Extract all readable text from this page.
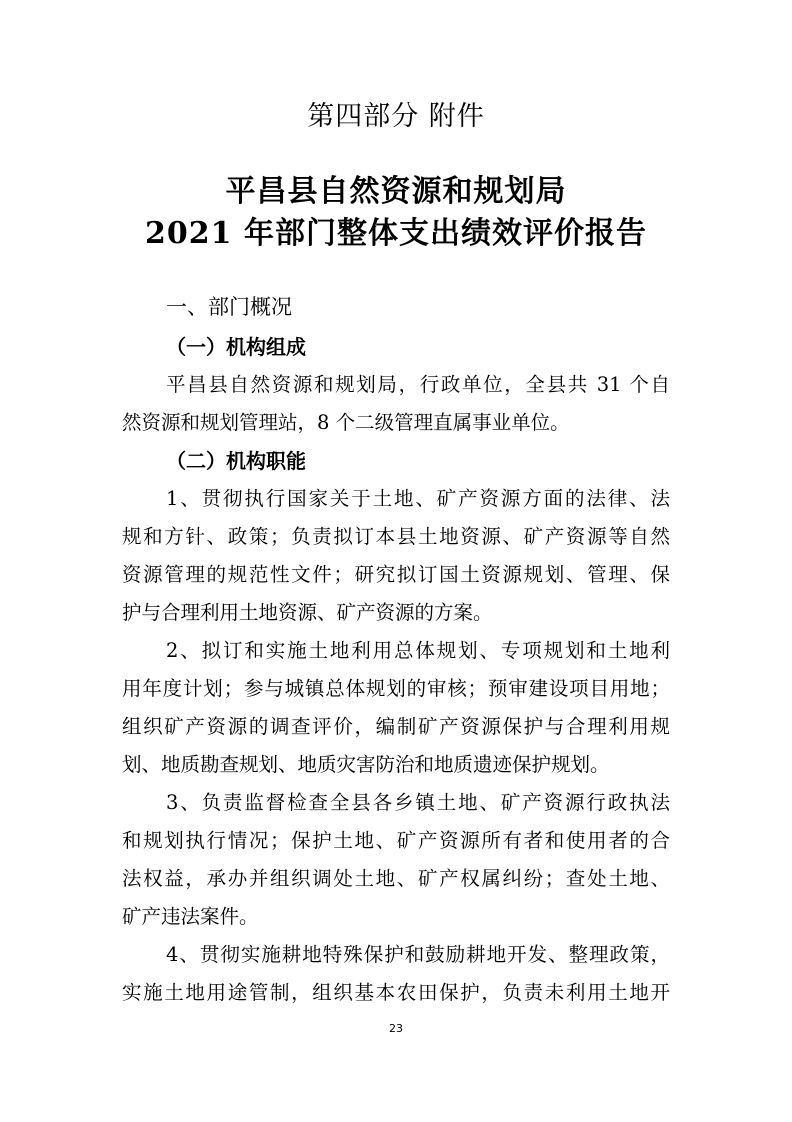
第四部分 附件
平昌县自然资源和规划局
2021 年部门整体支出绩效评价报告
一、部门概况
（一）机构组成
平昌县自然资源和规划局，行政单位，全县共 31 个自
然资源和规划管理站，8 个二级管理直属事业单位。
（二）机构职能
1、贯彻执行国家关于土地、矿产资源方面的法律、法
规和方针、政策；负责拟订本县土地资源、矿产资源等自然
资源管理的规范性文件；研究拟订国土资源规划、管理、保
护与合理利用土地资源、矿产资源的方案。
2、拟订和实施土地利用总体规划、专项规划和土地利
用年度计划；参与城镇总体规划的审核；预审建设项目用地；
组织矿产资源的调查评价，编制矿产资源保护与合理利用规
划、地质勘查规划、地质灾害防治和地质遗迹保护规划。
3、负责监督检查全县各乡镇土地、矿产资源行政执法
和规划执行情况；保护土地、矿产资源所有者和使用者的合
法权益，承办并组织调处土地、矿产权属纠纷；查处土地、
矿产违法案件。
4、贯彻实施耕地特殊保护和鼓励耕地开发、整理政策，
实施土地用途管制，组织基本农田保护，负责未利用土地开
23
